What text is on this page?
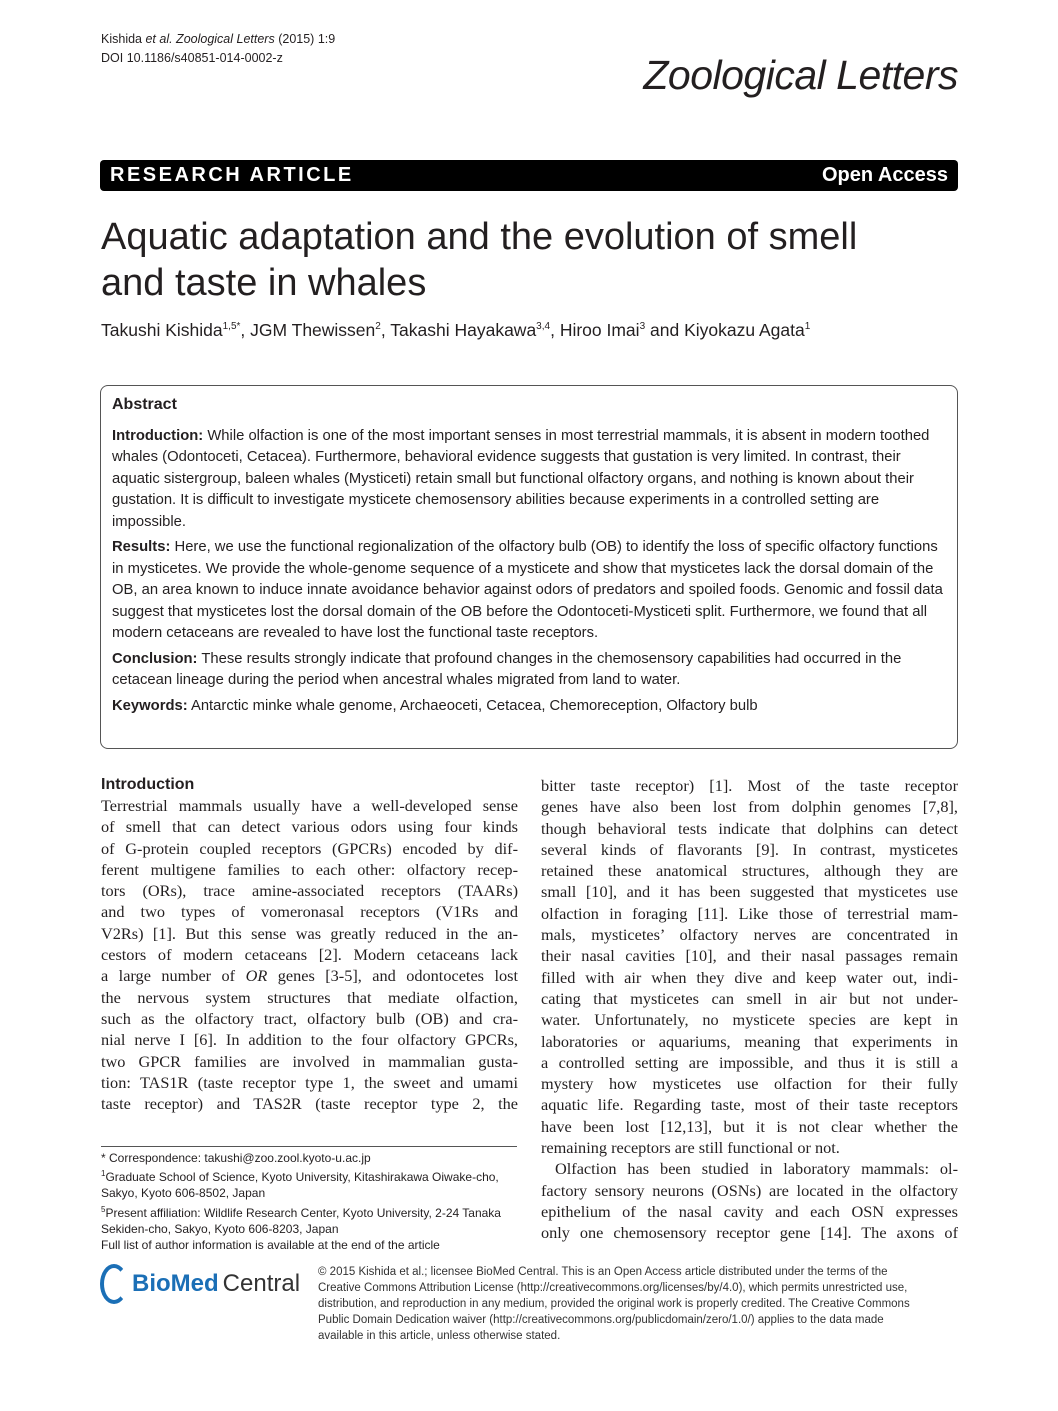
Kishida et al. Zoological Letters (2015) 1:9
DOI 10.1186/s40851-014-0002-z	Zoological Letters
RESEARCH ARTICLE	Open Access
Aquatic adaptation and the evolution of smell
and taste in whales
Takushi Kishida$^{1,5*}$, JGM Thewissen$^2$, Takashi Hayakawa$^{3,4}$, Hiroo Imai$^3$ and Kiyokazu Agata$^1$
Abstract

Introduction: While olfaction is one of the most important senses in most terrestrial mammals, it is absent in modern toothed whales (Odontoceti, Cetacea). Furthermore, behavioral evidence suggests that gustation is very limited. In contrast, their aquatic sistergroup, baleen whales (Mysticeti) retain small but functional olfactory organs, and nothing is known about their gustation. It is difficult to investigate mysticete chemosensory abilities because experiments in a controlled setting are impossible.

Results: Here, we use the functional regionalization of the olfactory bulb (OB) to identify the loss of specific olfactory functions in mysticetes. We provide the whole-genome sequence of a mysticete and show that mysticetes lack the dorsal domain of the OB, an area known to induce innate avoidance behavior against odors of predators and spoiled foods. Genomic and fossil data suggest that mysticetes lost the dorsal domain of the OB before the Odontoceti-Mysticeti split. Furthermore, we found that all modern cetaceans are revealed to have lost the functional taste receptors.

Conclusion: These results strongly indicate that profound changes in the chemosensory capabilities had occurred in the cetacean lineage during the period when ancestral whales migrated from land to water.

Keywords: Antarctic minke whale genome, Archaeoceti, Cetacea, Chemoreception, Olfactory bulb

Introduction
Terrestrial mammals usually have a well-developed sense
of smell that can detect various odors using four kinds
of G-protein coupled receptors (GPCRs) encoded by dif-
ferent multigene families to each other: olfactory recep-
tors (ORs), trace amine-associated receptors (TAARs)
and two types of vomeronasal receptors (V1Rs and
V2Rs) [1]. But this sense was greatly reduced in the an-
cestors of modern cetaceans [2]. Modern cetaceans lack
a large number of OR genes [3-5], and odontocetes lost
the nervous system structures that mediate olfaction,
such as the olfactory tract, olfactory bulb (OB) and cra-
nial nerve I [6]. In addition to the four olfactory GPCRs,
two GPCR families are involved in mammalian gusta-
tion: TAS1R (taste receptor type 1, the sweet and umami
taste receptor) and TAS2R (taste receptor type 2, the
bitter taste receptor) [1]. Most of the taste receptor
genes have also been lost from dolphin genomes [7,8],
though behavioral tests indicate that dolphins can detect
several kinds of flavorants [9]. In contrast, mysticetes
retained these anatomical structures, although they are
small [10], and it has been suggested that mysticetes use
olfaction in foraging [11]. Like those of terrestrial mam-
mals, mysticetes’ olfactory nerves are concentrated in
their nasal cavities [10], and their nasal passages remain
filled with air when they dive and keep water out, indi-
cating that mysticetes can smell in air but not under-
water. Unfortunately, no mysticete species are kept in
laboratories or aquariums, meaning that experiments in
a controlled setting are impossible, and thus it is still a
mystery how mysticetes use olfaction for their fully
aquatic life. Regarding taste, most of their taste receptors
have been lost [12,13], but it is not clear whether the
remaining receptors are still functional or not.
Olfaction has been studied in laboratory mammals: ol-
factory sensory neurons (OSNs) are located in the olfactory
epithelium of the nasal cavity and each OSN expresses
only one chemosensory receptor gene [14]. The axons of
* Correspondence: takushi@zoo.zool.kyoto-u.ac.jp
$^1$Graduate School of Science, Kyoto University, Kitashirakawa Oiwake-cho, Sakyo, Kyoto 606-8502, Japan
$^5$Present affiliation: Wildlife Research Center, Kyoto University, 2-24 Tanaka Sekiden-cho, Sakyo, Kyoto 606-8203, Japan
Full list of author information is available at the end of the article
BioMed Central © 2015 Kishida et al.; licensee BioMed Central. This is an Open Access article distributed under the terms of the Creative Commons Attribution License (http://creativecommons.org/licenses/by/4.0), which permits unrestricted use, distribution, and reproduction in any medium, provided the original work is properly credited. The Creative Commons Public Domain Dedication waiver (http://creativecommons.org/publicdomain/zero/1.0/) applies to the data made available in this article, unless otherwise stated.
